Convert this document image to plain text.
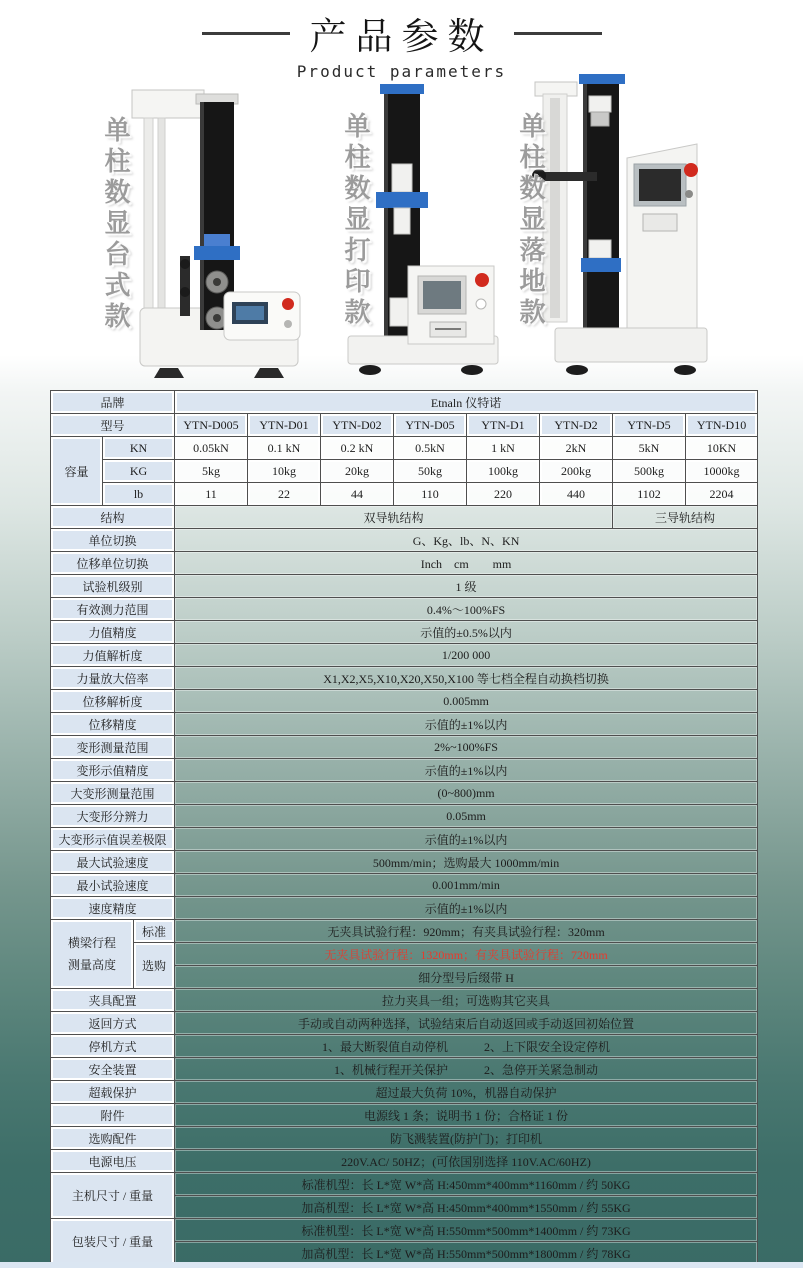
产品参数
Product parameters
单柱数显台式款	单柱数显打印款	单柱数显落地款
品牌			Etnaln 仪特诺							
型号			YTN-D005	YTN-D01	YTN-D02	YTN-D05	YTN-D1	YTN-D2	YTN-D5	YTN-D10
容量	KN		0.05kN	0.1 kN	0.2 kN	0.5kN	1 kN	2kN	5kN	10KN
	KG		5kg	10kg	20kg	50kg	100kg	200kg	500kg	1000kg
	lb		11	22	44	110	220	440	1102	2204
结构			双导轨结构						三导轨结构	
单位切换			G、Kg、lb、N、KN							
位移单位切换			Inch　cm　　mm							
试验机级别			1 级							
有效测力范围			0.4%～100%FS							
力值精度			示值的±0.5%以内							
力值解析度			1/200 000							
力量放大倍率			X1,X2,X5,X10,X20,X50,X100 等七档全程自动换档切换							
位移解析度			0.005mm							
位移精度			示值的±1%以内							
变形测量范围			2%~100%FS							
变形示值精度			示值的±1%以内							
大变形测量范围			(0~800)mm							
大变形分辨力			0.05mm							
大变形示值误差极限			示值的±1%以内							
最大试验速度			500mm/min；选购最大 1000mm/min							
最小试验速度			0.001mm/min							
速度精度			示值的±1%以内							

横梁行程
测量高度		标准	无夹具试验行程：920mm；有夹具试验行程：320mm							
		选购	无夹具试验行程：1320mm；有夹具试验行程：720mm							
			细分型号后缀带 H							
夹具配置			拉力夹具一组；可选购其它夹具							
返回方式			手动或自动两种选择，试验结束后自动返回或手动返回初始位置							
停机方式			1、最大断裂值自动停机　　　2、上下限安全设定停机							
安全装置			1、机械行程开关保护　　　2、急停开关紧急制动							
超载保护			超过最大负荷 10%，机器自动保护							
附件			电源线 1 条；说明书 1 份；合格证 1 份							
选购配件			防飞溅装置(防护门)；打印机							
电源电压			220V.AC/ 50HZ；(可依国别选择 110V.AC/60HZ)							
主机尺寸 / 重量			标准机型：长 L*宽 W*高 H:450mm*400mm*1160mm / 约 50KG							
			加高机型：长 L*宽 W*高 H:450mm*400mm*1550mm / 约 55KG							
包装尺寸 / 重量			标准机型：长 L*宽 W*高 H:550mm*500mm*1400mm / 约 73KG							
			加高机型：长 L*宽 W*高 H:550mm*500mm*1800mm / 约 78KG							
